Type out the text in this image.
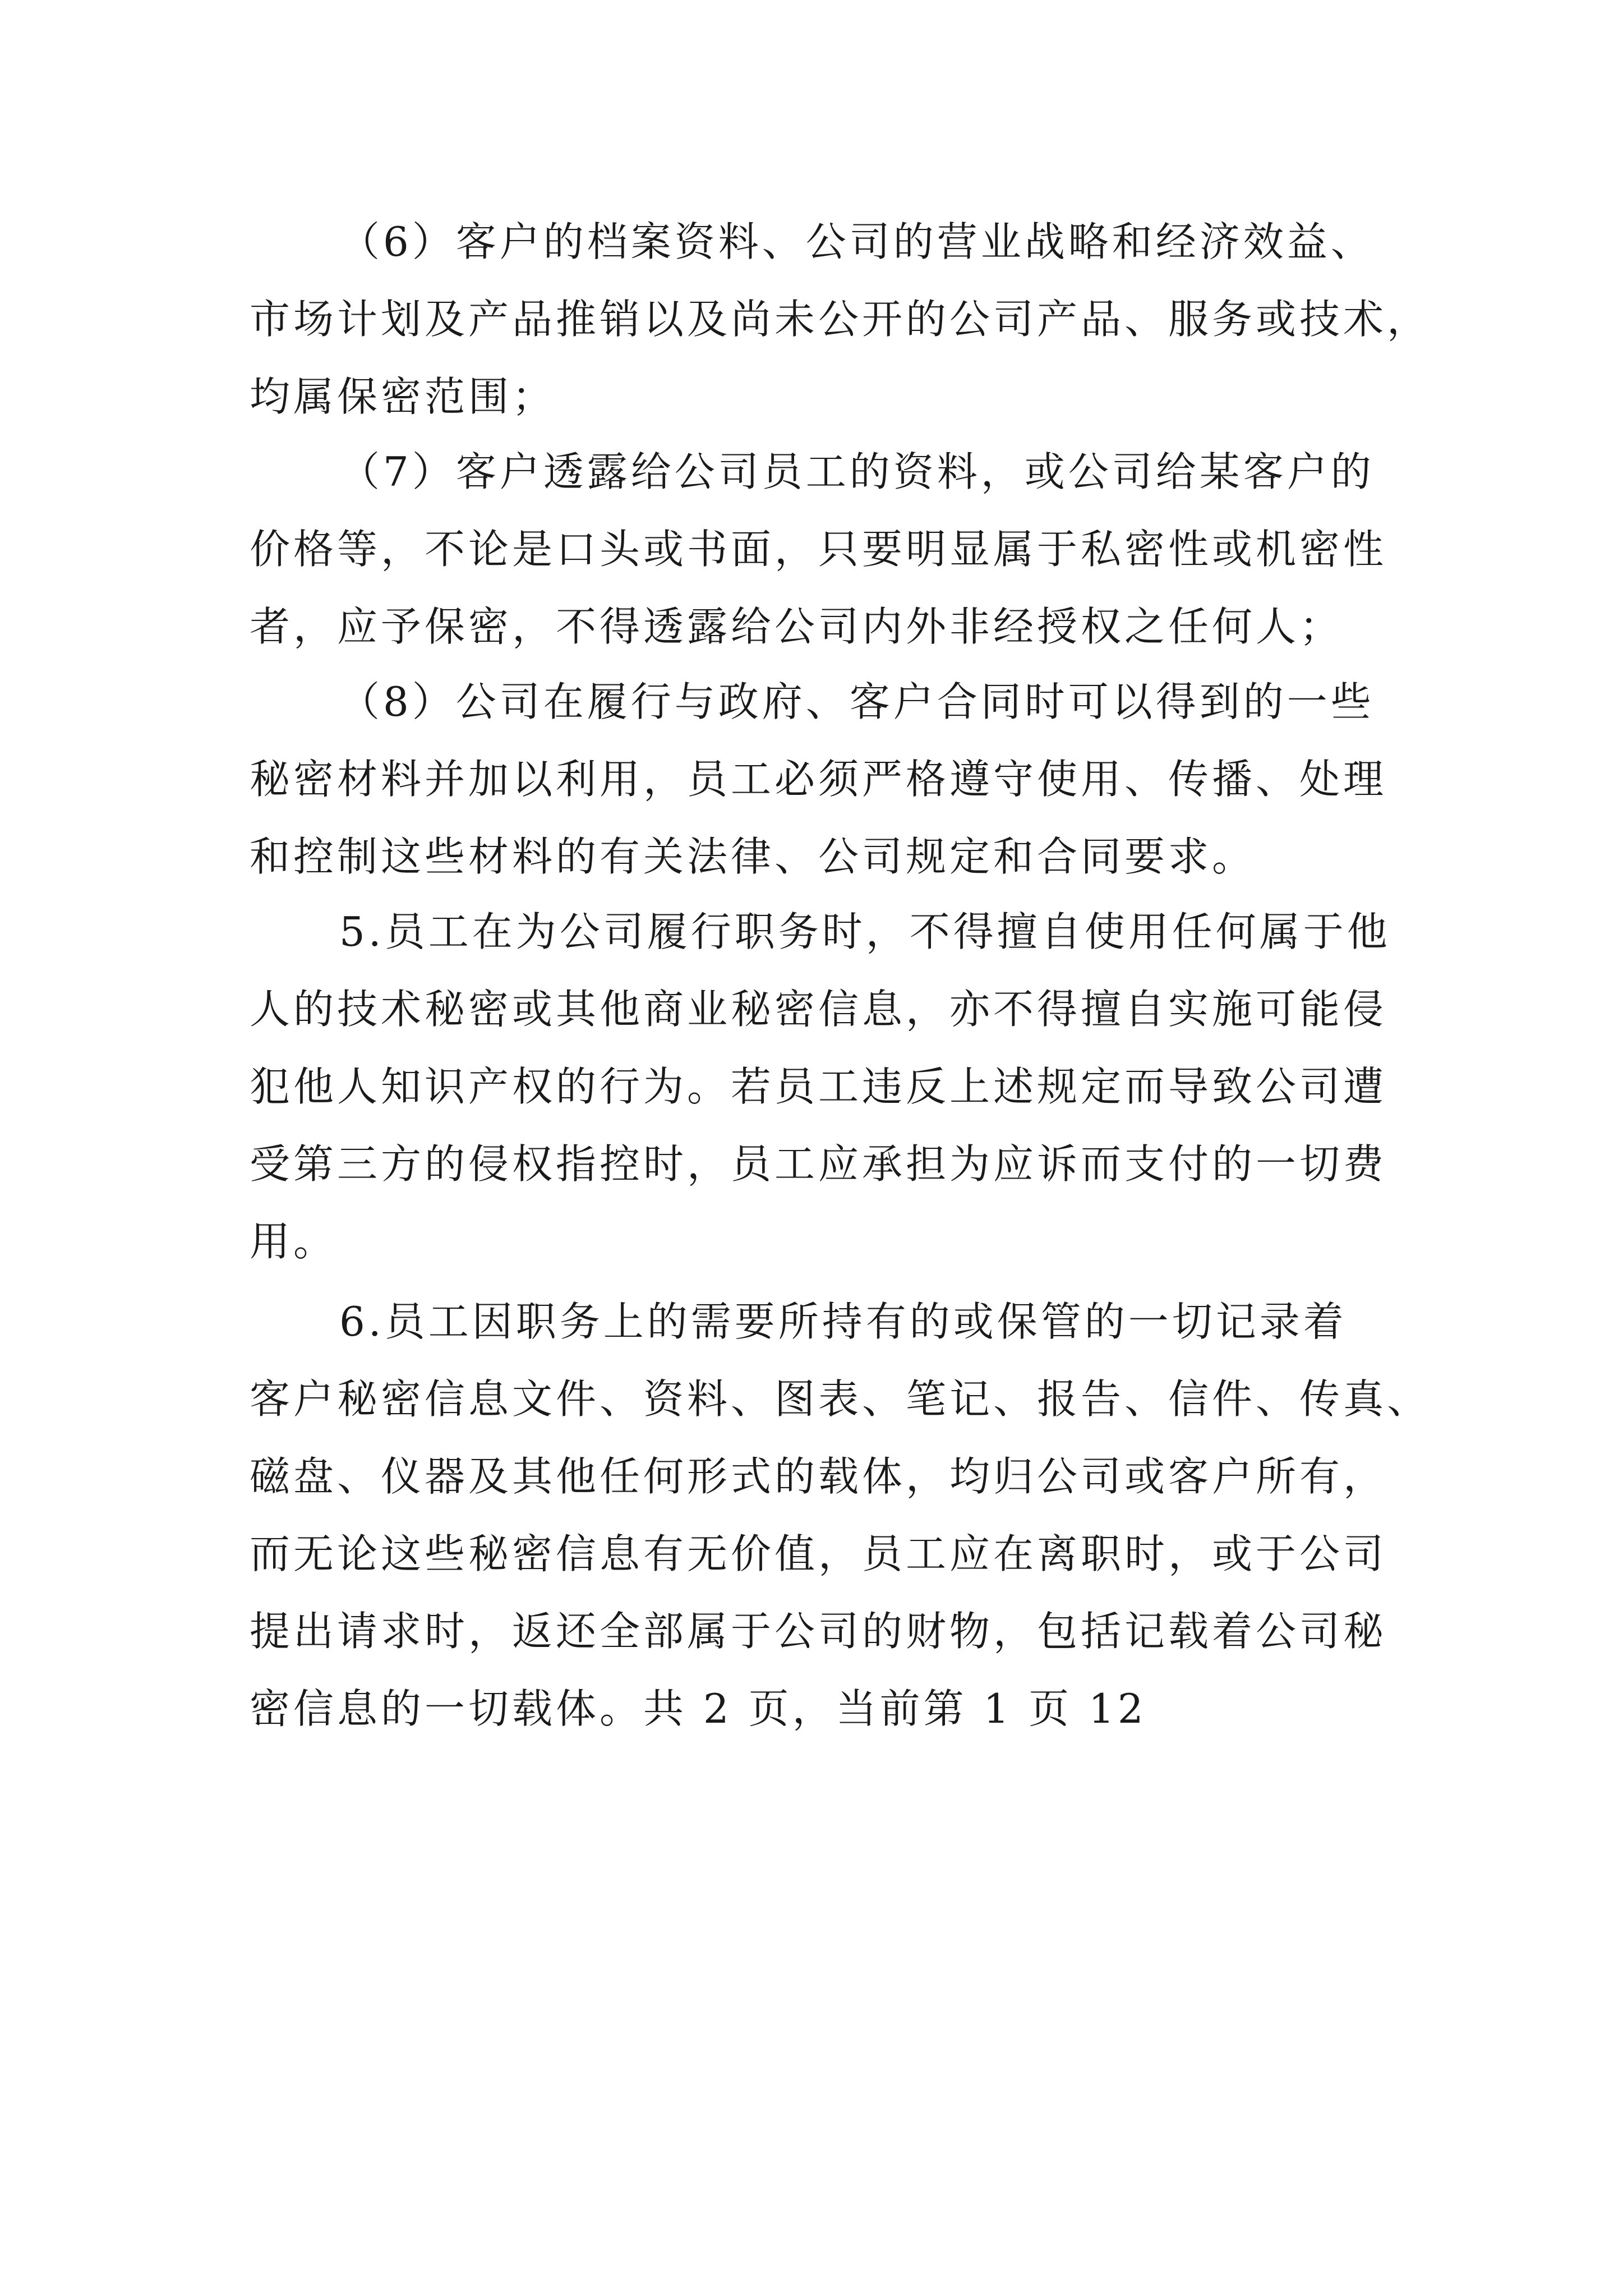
（6）客户的档案资料、公司的营业战略和经济效益、
市场计划及产品推销以及尚未公开的公司产品、服务或技术，
均属保密范围；
（7）客户透露给公司员工的资料，或公司给某客户的
价格等，不论是口头或书面，只要明显属于私密性或机密性
者，应予保密，不得透露给公司内外非经授权之任何人；
（8）公司在履行与政府、客户合同时可以得到的一些
秘密材料并加以利用，员工必须严格遵守使用、传播、处理
和控制这些材料的有关法律、公司规定和合同要求。
5.员工在为公司履行职务时，不得擅自使用任何属于他
人的技术秘密或其他商业秘密信息，亦不得擅自实施可能侵
犯他人知识产权的行为。若员工违反上述规定而导致公司遭
受第三方的侵权指控时，员工应承担为应诉而支付的一切费
用。
6.员工因职务上的需要所持有的或保管的一切记录着
客户秘密信息文件、资料、图表、笔记、报告、信件、传真、
磁盘、仪器及其他任何形式的载体，均归公司或客户所有，
而无论这些秘密信息有无价值，员工应在离职时，或于公司
提出请求时，返还全部属于公司的财物，包括记载着公司秘
密信息的一切载体。共 2 页，当前第 1 页 12
